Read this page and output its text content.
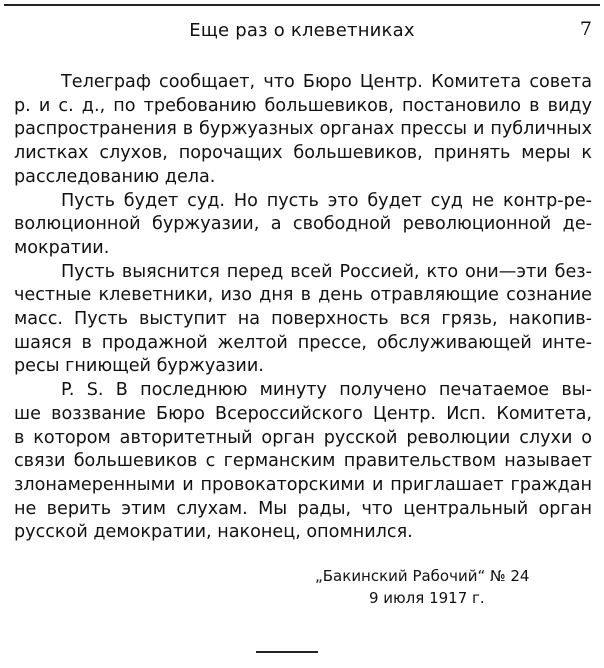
Еще раз о клеветниках	7

Телеграф сообщает, что Бюро Центр. Комитета совета
р. и с. д., по требованию большевиков, постановило в виду
распространения в буржуазных органах прессы и публичных
листках слухов, порочащих большевиков, принять меры к
расследованию дела.

Пусть будет суд. Но пусть это будет суд не контр-ре-
волюционной буржуазии, а свободной революционной де-
мократии.

Пусть выяснится перед всей Россией, кто они—эти без-
честные клеветники, изо дня в день отравляющие сознание
масс. Пусть выступит на поверхность вся грязь, накопив-
шаяся в продажной желтой прессе, обслуживающей инте-
ресы гниющей буржуазии.

P. S. В последнюю минуту получено печатаемое вы-
ше воззвание Бюро Всероссийского Центр. Исп. Комитета,
в котором авторитетный орган русской революции слухи о
связи большевиков с германским правительством называет
злонамеренными и провокаторскими и приглашает граждан
не верить этим слухам. Мы рады, что центральный орган
русской демократии, наконец, опомнился.

„Бакинский Рабочий“ № 24
9 июля 1917 г.
